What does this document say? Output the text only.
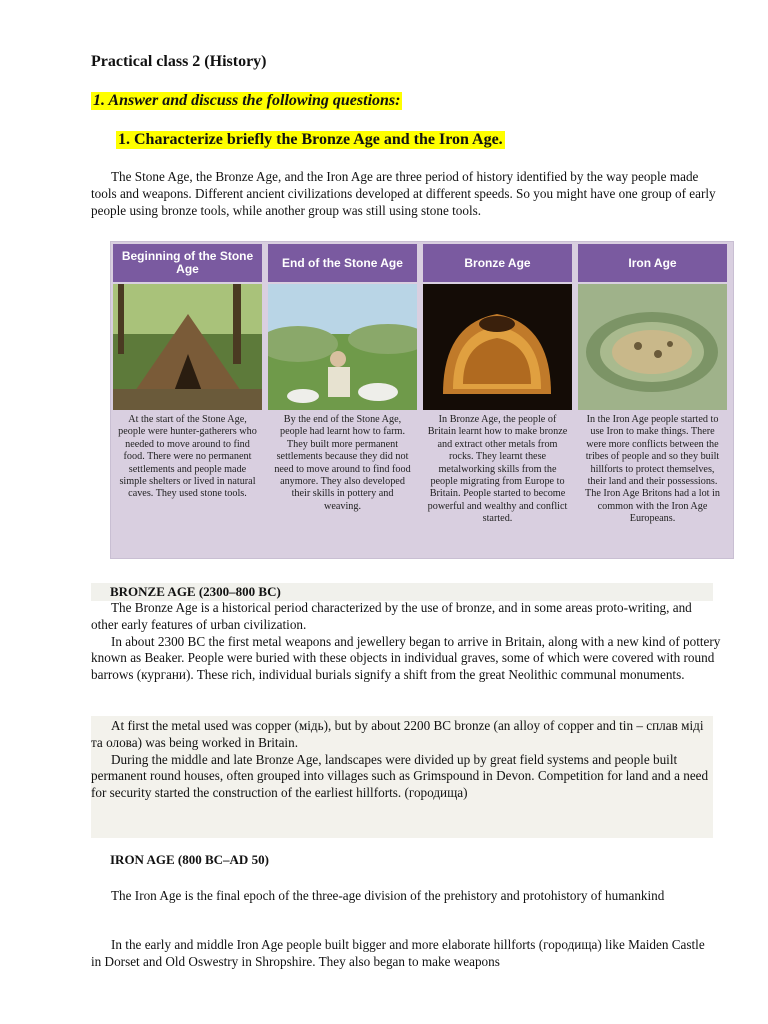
Practical class 2 (History)
1. Answer and discuss the following questions:
1. Characterize briefly the Bronze Age and the Iron Age.
The Stone Age, the Bronze Age, and the Iron Age are three period of history identified by the way people made tools and weapons. Different ancient civilizations developed at different speeds. So you might have one group of early people using bronze tools, while another group was still using stone tools.
Beginning of the Stone Age
At the start of the Stone Age, people were hunter-gatherers who needed to move around to find food. There were no permanent settlements and people made simple shelters or lived in natural caves. They used stone tools.
End of the Stone Age
By the end of the Stone Age, people had learnt how to farm. They built more permanent settlements because they did not need to move around to find food anymore. They also developed their skills in pottery and weaving.
Bronze Age
In Bronze Age, the people of Britain learnt how to make bronze and extract other metals from rocks. They learnt these metalworking skills from the people migrating from Europe to Britain. People started to become powerful and wealthy and conflict started.
Iron Age
In the Iron Age people started to use Iron to make things. There were more conflicts between the tribes of people and so they built hillforts to protect themselves, their land and their possessions. The Iron Age Britons had a lot in common with the Iron Age Europeans.
BRONZE AGE (2300–800 BC)

The Bronze Age is a historical period characterized by the use of bronze, and in some areas proto-writing, and other early features of urban civilization.

In about 2300 BC the first metal weapons and jewellery began to arrive in Britain, along with a new kind of pottery known as Beaker. People were buried with these objects in individual graves, some of which were covered with round barrows (кургани). These rich, individual burials signify a shift from the great Neolithic communal monuments.

At first the metal used was copper (мідь), but by about 2200 BC bronze (an alloy of copper and tin – сплав міді та олова) was being worked in Britain.

During the middle and late Bronze Age, landscapes were divided up by great field systems and people built permanent round houses, often grouped into villages such as Grimspound in Devon. Competition for land and a need for security started the construction of the earliest hillforts. (городища)

IRON AGE (800 BC–AD 50)
The Iron Age is the final epoch of the three-age division of the prehistory and protohistory of humankind
In the early and middle Iron Age people built bigger and more elaborate hillforts (городища) like Maiden Castle in Dorset and Old Oswestry in Shropshire. They also began to make weapons
